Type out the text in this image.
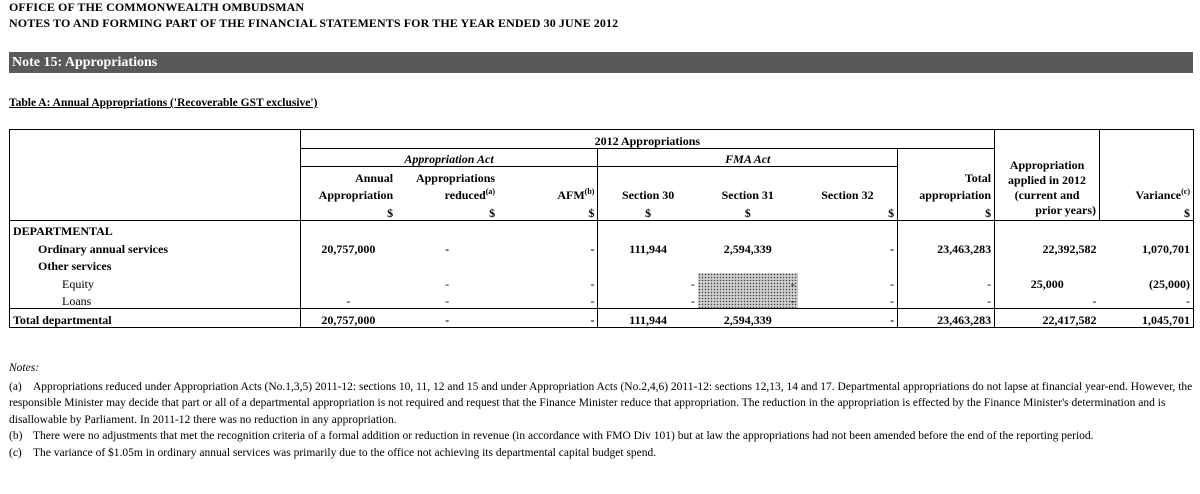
OFFICE OF THE COMMONWEALTH OMBUDSMAN
NOTES TO AND FORMING PART OF THE FINANCIAL STATEMENTS FOR THE YEAR ENDED 30 JUNE 2012
Note 15: Appropriations
Table A: Annual Appropriations ('Recoverable GST exclusive')
	2012 Appropriations							Appropriation
applied in 2012
(current and
prior years)	

	Appropriation Act			FMA Act					
	Annual	Appropriations					Total		
	Appropriation	reduced$^{(a)}$	AFM$^{(b)}$	Section 30	Section 31	Section 32	appropriation		Variance$^{(c)}$
	$	$	$	$	$	$	$		$
DEPARTMENTAL									
Ordinary annual services	20,757,000	-	-	111,944	2,594,339	-	23,463,283	22,392,582	1,070,701
Other services									
Equity		-	-	-	-	-	-	25,000	(25,000)
Loans	-	-	-	-	-	-	-	-	-
Total departmental	20,757,000	-	-	111,944	2,594,339	-	23,463,283	22,417,582	1,045,701
Notes:
(a) Appropriations reduced under Appropriation Acts (No.1,3,5) 2011-12: sections 10, 11, 12 and 15 and under Appropriation Acts (No.2,4,6) 2011-12: sections 12,13, 14 and 17. Departmental appropriations do not lapse at financial year-end. However, the responsible Minister may decide that part or all of a departmental appropriation is not required and request that the Finance Minister reduce that appropriation. The reduction in the appropriation is effected by the Finance Minister's determination and is disallowable by Parliament. In 2011-12 there was no reduction in any appropriation.
(b) There were no adjustments that met the recognition criteria of a formal addition or reduction in revenue (in accordance with FMO Div 101) but at law the appropriations had not been amended before the end of the reporting period.
(c) The variance of $1.05m in ordinary annual services was primarily due to the office not achieving its departmental capital budget spend.
